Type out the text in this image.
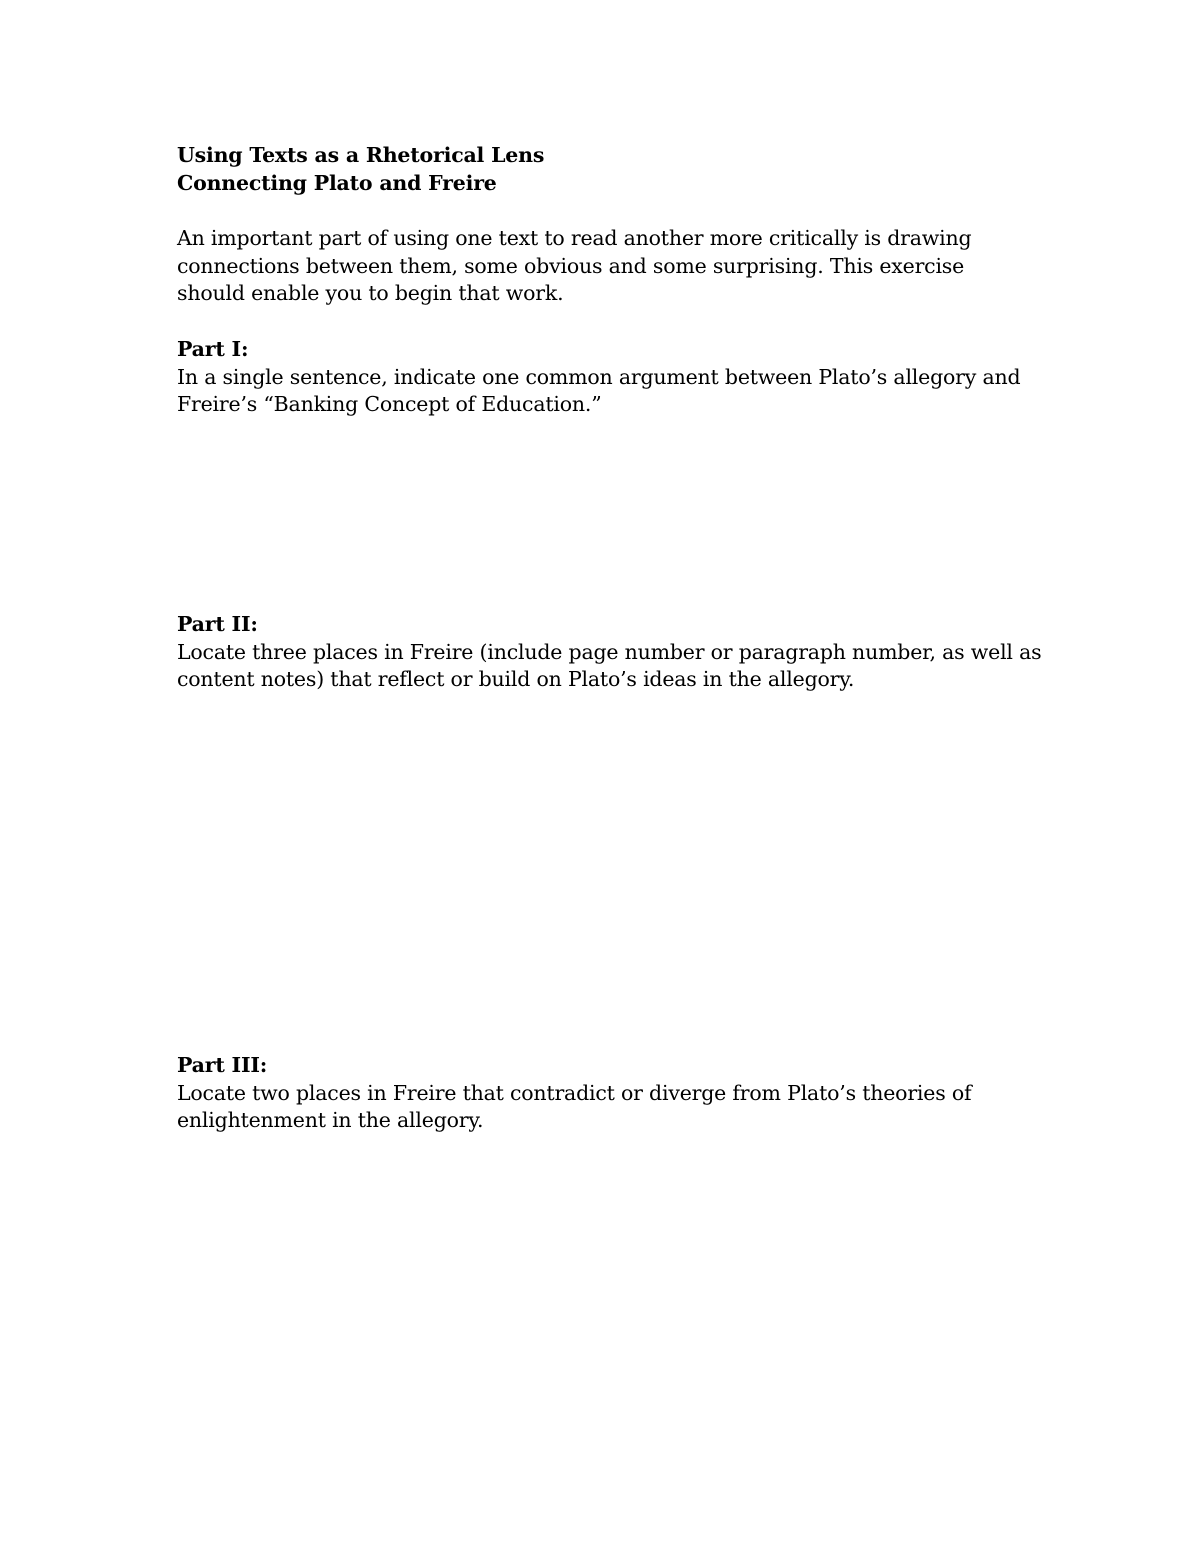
Using Texts as a Rhetorical Lens
Connecting Plato and Freire
An important part of using one text to read another more critically is drawing
connections between them, some obvious and some surprising. This exercise
should enable you to begin that work.
Part I:
In a single sentence, indicate one common argument between Plato’s allegory and
Freire’s “Banking Concept of Education.”
Part II:
Locate three places in Freire (include page number or paragraph number, as well as
content notes) that reflect or build on Plato’s ideas in the allegory.
Part III:
Locate two places in Freire that contradict or diverge from Plato’s theories of
enlightenment in the allegory.
